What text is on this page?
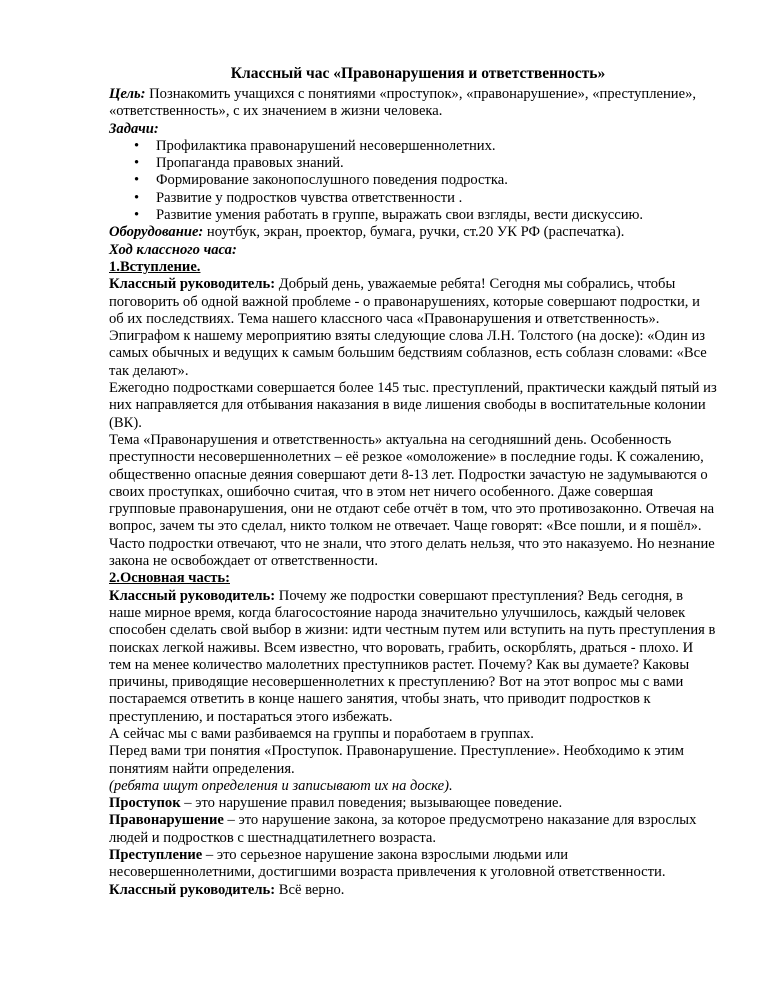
Классный час «Правонарушения и ответственность»

Цель: Познакомить учащихся с понятиями «проступок», «правонарушение», «преступление», «ответственность», с их значением в жизни человека.

Задачи:

• Профилактика правонарушений несовершеннолетних.
• Пропаганда правовых знаний.
• Формирование законопослушного поведения подростка.
• Развитие у подростков чувства ответственности .
• Развитие умения работать в группе, выражать свои взгляды, вести дискуссию.

Оборудование: ноутбук, экран, проектор, бумага, ручки, ст.20 УК РФ (распечатка).

Ход классного часа:

1.Вступление.

Классный руководитель: Добрый день, уважаемые ребята! Сегодня мы собрались, чтобы поговорить об одной важной проблеме - о правонарушениях, которые совершают подростки, и об их последствиях. Тема нашего классного часа «Правонарушения и ответственность».

Эпиграфом к нашему мероприятию взяты следующие слова Л.Н. Толстого (на доске): «Один из самых обычных и ведущих к самым большим бедствиям соблазнов, есть соблазн словами: «Все так делают».

Ежегодно подростками совершается более 145 тыс. преступлений, практически каждый пятый из них направляется для отбывания наказания в виде лишения свободы в воспитательные колонии (ВК).

Тема «Правонарушения и ответственность» актуальна на сегодняшний день. Особенность преступности несовершеннолетних – её резкое «омоложение» в последние годы. К сожалению, общественно опасные деяния совершают дети 8-13 лет. Подростки зачастую не задумываются о своих проступках, ошибочно считая, что в этом нет ничего особенного. Даже совершая групповые правонарушения, они не отдают себе отчёт в том, что это противозаконно. Отвечая на вопрос, зачем ты это сделал, никто толком не отвечает. Чаще говорят: «Все пошли, и я пошёл». Часто подростки отвечают, что не знали, что этого делать нельзя, что это наказуемо. Но незнание закона не освобождает от ответственности.

2.Основная часть:

Классный руководитель: Почему же подростки совершают преступления? Ведь сегодня, в наше мирное время, когда благосостояние народа значительно улучшилось, каждый человек способен сделать свой выбор в жизни: идти честным путем или вступить на путь преступления в поисках легкой наживы. Всем известно, что воровать, грабить, оскорблять, драться - плохо. И тем на менее количество малолетних преступников растет. Почему? Как вы думаете? Каковы причины, приводящие несовершеннолетних к преступлению? Вот на этот вопрос мы с вами постараемся ответить в конце нашего занятия, чтобы знать, что приводит подростков к преступлению, и постараться этого избежать.

А сейчас мы с вами разбиваемся на группы и поработаем в группах.

Перед вами три понятия «Проступок. Правонарушение. Преступление». Необходимо к этим понятиям найти определения.

(ребята ищут определения и записывают их на доске).

Проступок – это нарушение правил поведения; вызывающее поведение.

Правонарушение – это нарушение закона, за которое предусмотрено наказание для взрослых людей и подростков с шестнадцатилетнего возраста.

Преступление – это серьезное нарушение закона взрослыми людьми или несовершеннолетними, достигшими возраста привлечения к уголовной ответственности.

Классный руководитель: Всё верно.
